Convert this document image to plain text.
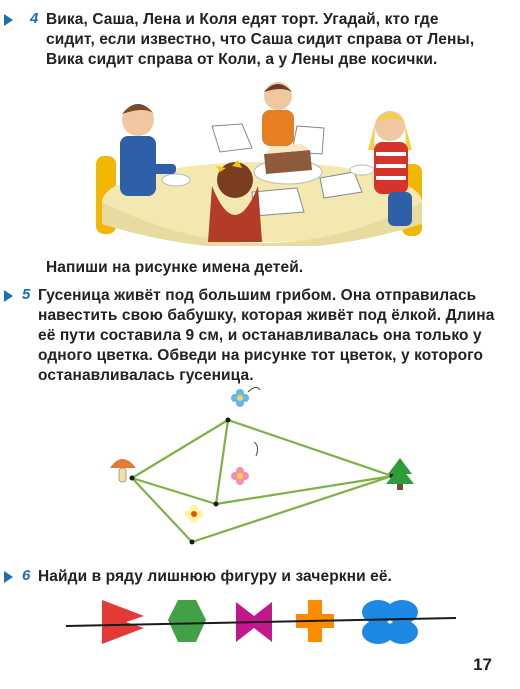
4 Вика, Саша, Лена и Коля едят торт. Угадай, кто где
сидит, если известно, что Саша сидит справа от Лены,
Вика сидит справа от Коли, а у Лены две косички.
Напиши на рисунке имена детей.
5 Гусеница живёт под большим грибом. Она отправилась
навестить свою бабушку, которая живёт под ёлкой. Длина
её пути составила 9 см, и останавливалась она только у
одного цветка. Обведи на рисунке тот цветок, у которого
останавливалась гусеница.
6 Найди в ряду лишнюю фигуру и зачеркни её.
17
